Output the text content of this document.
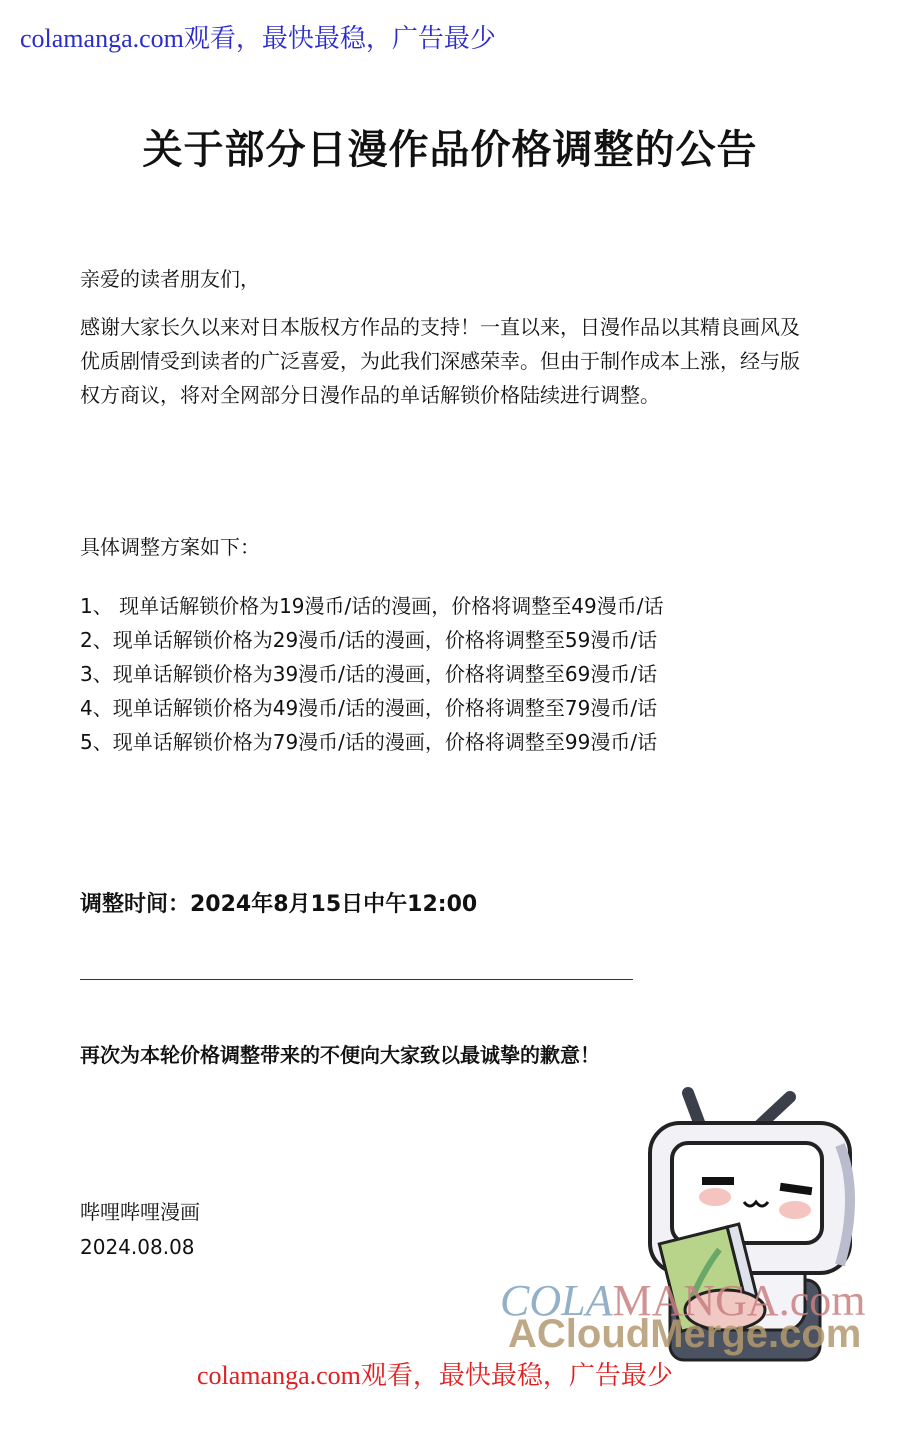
colamanga.com观看，最快最稳，广告最少
关于部分日漫作品价格调整的公告
亲爱的读者朋友们，
感谢大家长久以来对日本版权方作品的支持！一直以来，日漫作品以其精良画风及优质剧情受到读者的广泛喜爱，为此我们深感荣幸。但由于制作成本上涨，经与版权方商议，将对全网部分日漫作品的单话解锁价格陆续进行调整。
具体调整方案如下：
1、 现单话解锁价格为19漫币/话的漫画，价格将调整至49漫币/话
2、现单话解锁价格为29漫币/话的漫画，价格将调整至59漫币/话
3、现单话解锁价格为39漫币/话的漫画，价格将调整至69漫币/话
4、现单话解锁价格为49漫币/话的漫画，价格将调整至79漫币/话
5、现单话解锁价格为79漫币/话的漫画，价格将调整至99漫币/话
调整时间：2024年8月15日中午12:00
再次为本轮价格调整带来的不便向大家致以最诚挚的歉意！
哔哩哔哩漫画
2024.08.08
COLAMANGA.com
ACloudMerge.com
colamanga.com观看，最快最稳，广告最少
